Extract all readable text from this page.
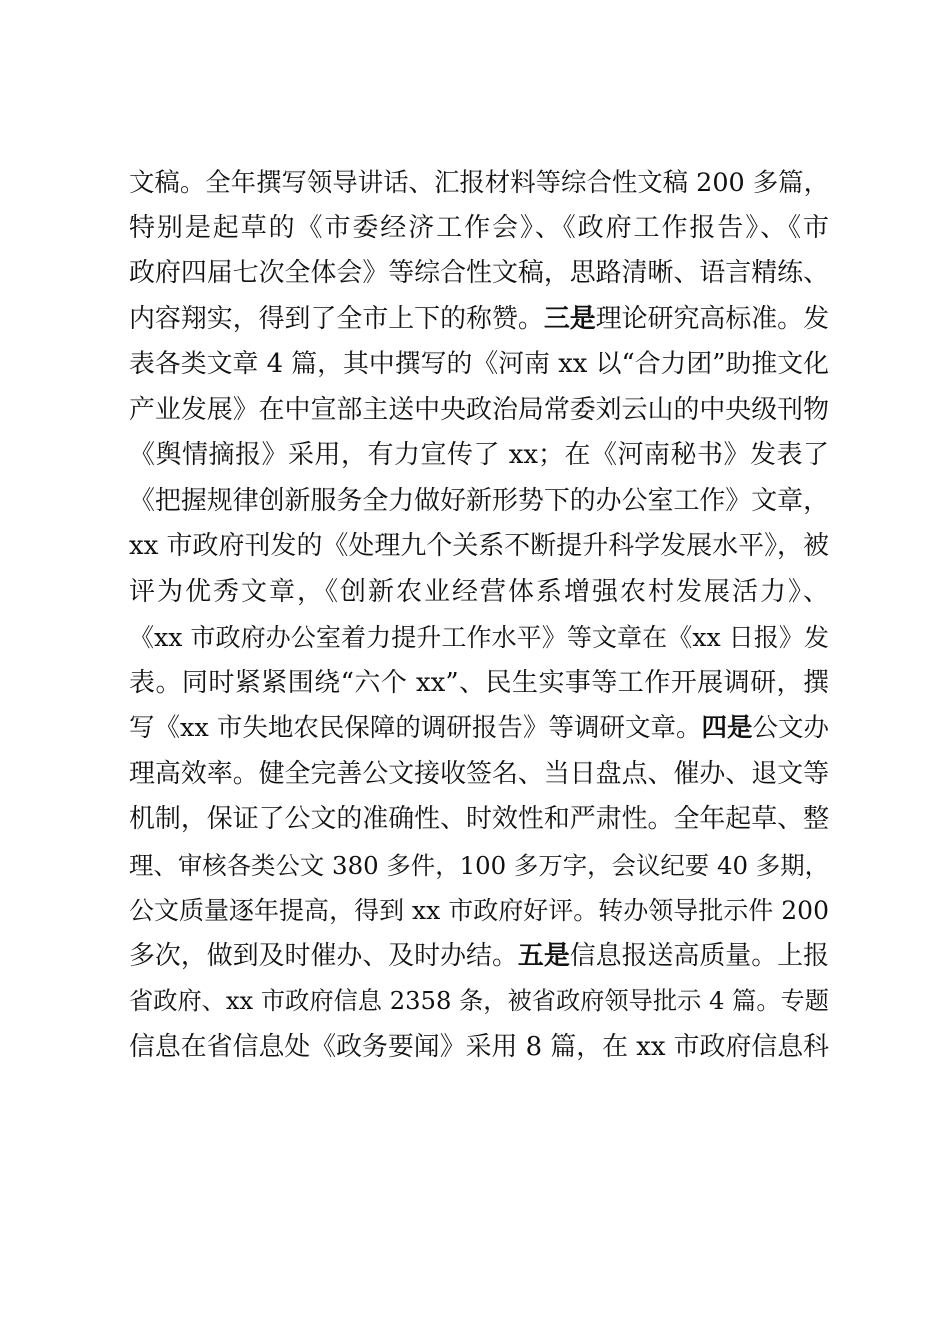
文稿。全年撰写领导讲话、汇报材料等综合性文稿 200 多篇，
特别是起草的《市委经济工作会》、《政府工作报告》、《市
政府四届七次全体会》等综合性文稿，思路清晰、语言精练、
内容翔实，得到了全市上下的称赞。三是理论研究高标准。发
表各类文章 4 篇，其中撰写的《河南 xx 以“合力团”助推文化
产业发展》在中宣部主送中央政治局常委刘云山的中央级刊物
《舆情摘报》采用，有力宣传了 xx；在《河南秘书》发表了
《把握规律创新服务全力做好新形势下的办公室工作》文章，
xx 市政府刊发的《处理九个关系不断提升科学发展水平》，被
评为优秀文章，《创新农业经营体系增强农村发展活力》、
《xx 市政府办公室着力提升工作水平》等文章在《xx 日报》发
表。同时紧紧围绕“六个 xx”、民生实事等工作开展调研，撰
写《xx 市失地农民保障的调研报告》等调研文章。四是公文办
理高效率。健全完善公文接收签名、当日盘点、催办、退文等
机制，保证了公文的准确性、时效性和严肃性。全年起草、整
理、审核各类公文 380 多件，100 多万字，会议纪要 40 多期，
公文质量逐年提高，得到 xx 市政府好评。转办领导批示件 200
多次，做到及时催办、及时办结。五是信息报送高质量。上报
省政府、xx 市政府信息 2358 条，被省政府领导批示 4 篇。专题
信息在省信息处《政务要闻》采用 8 篇，在 xx 市政府信息科
